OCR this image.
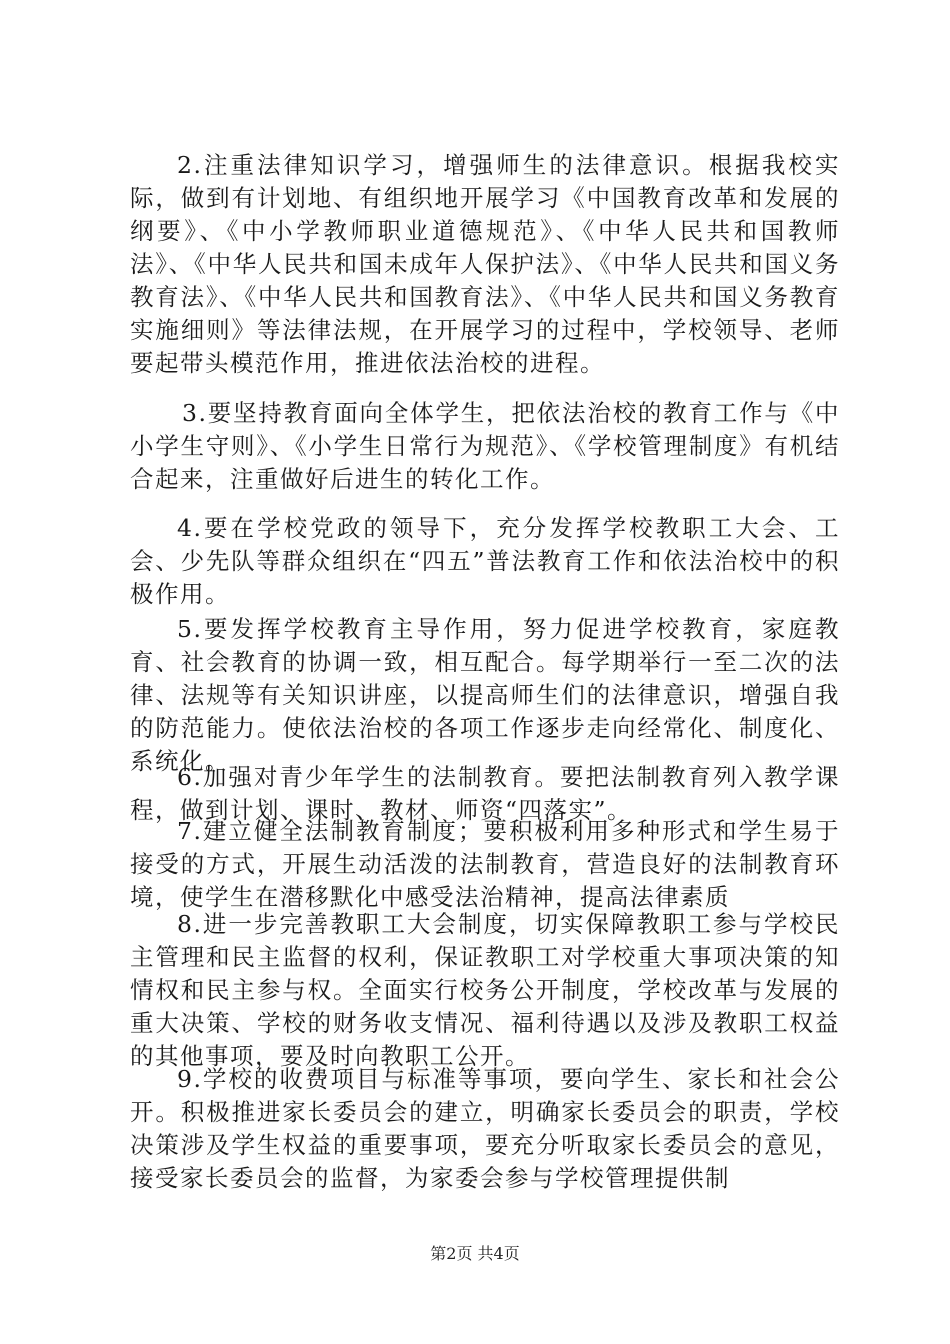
2.注重法律知识学习，增强师生的法律意识。根据我校实际，做到有计划地、有组织地开展学习《中国教育改革和发展的纲要》、《中小学教师职业道德规范》、《中华人民共和国教师法》、《中华人民共和国未成年人保护法》、《中华人民共和国义务教育法》、《中华人民共和国教育法》、《中华人民共和国义务教育实施细则》等法律法规，在开展学习的过程中，学校领导、老师要起带头模范作用，推进依法治校的进程。

3.要坚持教育面向全体学生，把依法治校的教育工作与《中小学生守则》、《小学生日常行为规范》、《学校管理制度》有机结合起来，注重做好后进生的转化工作。

4.要在学校党政的领导下，充分发挥学校教职工大会、工会、少先队等群众组织在“四五”普法教育工作和依法治校中的积极作用。

5.要发挥学校教育主导作用，努力促进学校教育，家庭教育、社会教育的协调一致，相互配合。每学期举行一至二次的法律、法规等有关知识讲座，以提高师生们的法律意识，增强自我的防范能力。使依法治校的各项工作逐步走向经常化、制度化、系统化。

6.加强对青少年学生的法制教育。要把法制教育列入教学课程，做到计划、课时、教材、师资“四落实”。

7.建立健全法制教育制度；要积极利用多种形式和学生易于接受的方式，开展生动活泼的法制教育，营造良好的法制教育环境，使学生在潜移默化中感受法治精神，提高法律素质

8.进一步完善教职工大会制度，切实保障教职工参与学校民主管理和民主监督的权利，保证教职工对学校重大事项决策的知情权和民主参与权。全面实行校务公开制度，学校改革与发展的重大决策、学校的财务收支情况、福利待遇以及涉及教职工权益的其他事项，要及时向教职工公开。

9.学校的收费项目与标准等事项，要向学生、家长和社会公开。积极推进家长委员会的建立，明确家长委员会的职责，学校决策涉及学生权益的重要事项，要充分听取家长委员会的意见，接受家长委员会的监督，为家委会参与学校管理提供制

第2页 共4页
